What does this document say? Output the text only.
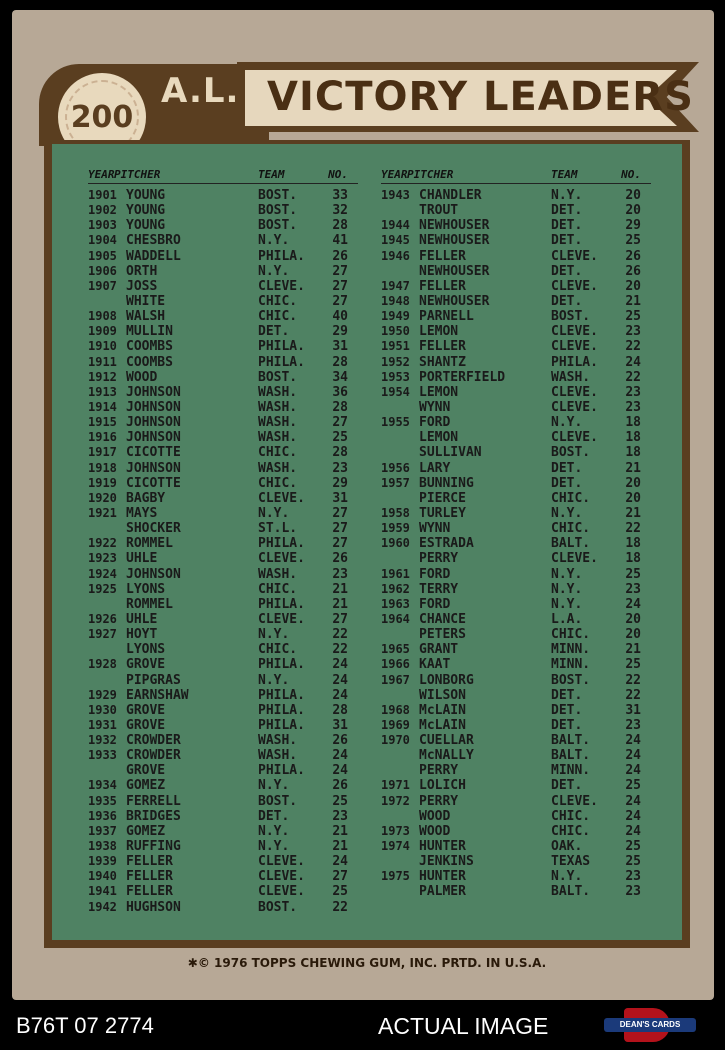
200
A.L. VICTORY LEADERS
YEAR PITCHER	TEAM	NO.
1901 YOUNG	BOST.	33
1902 YOUNG	BOST.	32
1903 YOUNG	BOST.	28
1904 CHESBRO	N.Y.	41
1905 WADDELL	PHILA. 26
1906 ORTH	N.Y.	27
1907 JOSS	CLEVE. 27
WHITE	CHIC.	27
1908 WALSH	CHIC.	40
1909 MULLIN	DET.	29
1910 COOMBS	PHILA. 31
1911 COOMBS	PHILA. 28
1912 WOOD	BOST.	34
1913 JOHNSON	WASH.	36
1914 JOHNSON	WASH.	28
1915 JOHNSON	WASH.	27
1916 JOHNSON	WASH.	25
1917 CICOTTE	CHIC.	28
1918 JOHNSON	WASH.	23
1919 CICOTTE	CHIC.	29
1920 BAGBY	CLEVE. 31
1921 MAYS	N.Y.	27
SHOCKER	ST.L.	27
1922 ROMMEL	PHILA. 27
1923 UHLE	CLEVE. 26
1924 JOHNSON	WASH.	23
1925 LYONS	CHIC.	21
ROMMEL	PHILA. 21
1926 UHLE	CLEVE. 27
1927 HOYT	N.Y.	22
LYONS	CHIC.	22
1928 GROVE	PHILA. 24
PIPGRAS	N.Y.	24
1929 EARNSHAW	PHILA. 24
1930 GROVE	PHILA. 28
1931 GROVE	PHILA. 31
1932 CROWDER	WASH.	26
1933 CROWDER	WASH.	24
GROVE	PHILA. 24
1934 GOMEZ	N.Y.	26
1935 FERRELL	BOST.	25
1936 BRIDGES	DET.	23
1937 GOMEZ	N.Y.	21
1938 RUFFING	N.Y.	21
1939 FELLER	CLEVE. 24
1940 FELLER	CLEVE. 27
1941 FELLER	CLEVE. 25
1942 HUGHSON	BOST.	22
YEAR PITCHER	TEAM	NO.
1943 CHANDLER	N.Y.	20
TROUT	DET.	20
1944 NEWHOUSER	DET.	29
1945 NEWHOUSER	DET.	25
1946 FELLER	CLEVE. 26
NEWHOUSER	DET.	26
1947 FELLER	CLEVE. 20
1948 NEWHOUSER	DET.	21
1949 PARNELL	BOST.	25
1950 LEMON	CLEVE. 23
1951 FELLER	CLEVE. 22
1952 SHANTZ	PHILA. 24
1953 PORTERFIELD	WASH.	22
1954 LEMON	CLEVE. 23
WYNN	CLEVE. 23
1955 FORD	N.Y.	18
LEMON	CLEVE. 18
SULLIVAN	BOST.	18
1956 LARY	DET.	21
1957 BUNNING	DET.	20
PIERCE	CHIC.	20
1958 TURLEY	N.Y.	21
1959 WYNN	CHIC.	22
1960 ESTRADA	BALT.	18
PERRY	CLEVE. 18
1961 FORD	N.Y.	25
1962 TERRY	N.Y.	23
1963 FORD	N.Y.	24
1964 CHANCE	L.A.	20
PETERS	CHIC.	20
1965 GRANT	MINN.	21
1966 KAAT	MINN.	25
1967 LONBORG	BOST.	22
WILSON	DET.	22
1968 McLAIN	DET.	31
1969 McLAIN	DET.	23
1970 CUELLAR	BALT.	24
McNALLY	BALT.	24
PERRY	MINN.	24
1971 LOLICH	DET.	25
1972 PERRY	CLEVE. 24
WOOD	CHIC.	24
1973 WOOD	CHIC.	24
1974 HUNTER	OAK.	25
JENKINS	TEXAS	25
1975 HUNTER	N.Y.	23
PALMER	BALT.	23
✱© 1976 TOPPS CHEWING GUM, INC. PRTD. IN U.S.A.
B76T 07 2774	ACTUAL IMAGE	DEAN'S CARDS
